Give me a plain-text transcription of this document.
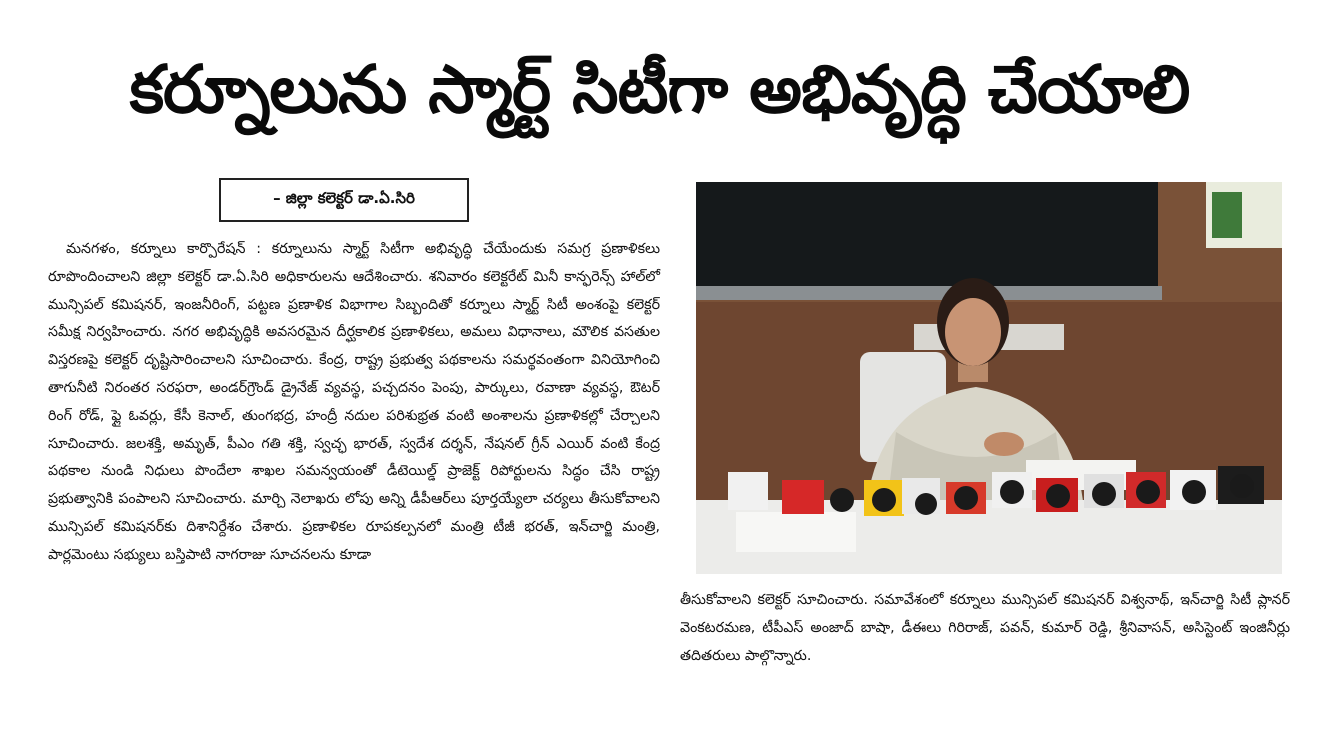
కర్నూలును స్మార్ట్ సిటీగా అభివృద్ధి చేయాలి
– జిల్లా కలెక్టర్ డా.ఏ.సిరి
మనగళం, కర్నూలు కార్పొరేషన్ : కర్నూలును స్మార్ట్ సిటీగా అభివృద్ధి చేయేందుకు సమగ్ర ప్రణాళికలు రూపొందించాలని జిల్లా కలెక్టర్ డా.ఏ.సిరి అధికారులను ఆదేశించారు. శనివారం కలెక్టరేట్ మినీ కాన్ఫరెన్స్ హాల్‌లో మున్సిపల్ కమిషనర్, ఇంజనీరింగ్, పట్టణ ప్రణాళిక విభాగాల సిబ్బందితో కర్నూలు స్మార్ట్ సిటీ అంశంపై కలెక్టర్ సమీక్ష నిర్వహించారు. నగర అభివృద్ధికి అవసరమైన దీర్ఘకాలిక ప్రణాళికలు, అమలు విధానాలు, మౌలిక వసతుల విస్తరణపై కలెక్టర్ దృష్టిసారించాలని సూచించారు. కేంద్ర, రాష్ట్ర ప్రభుత్వ పథకాలను సమర్థవంతంగా వినియోగించి తాగునీటి నిరంతర సరఫరా, అండర్‌గ్రౌండ్ డ్రైనేజ్ వ్యవస్థ, పచ్చదనం పెంపు, పార్కులు, రవాణా వ్యవస్థ, ఔటర్ రింగ్ రోడ్, ఫ్లై ఓవర్లు, కేసీ కెనాల్, తుంగభద్ర, హంద్రీ నదుల పరిశుభ్రత వంటి అంశాలను ప్రణాళికల్లో చేర్చాలని సూచించారు. జలశక్తి, అమృత్, పీఎం గతి శక్తి, స్వచ్ఛ భారత్, స్వదేశ దర్శన్, నేషనల్ గ్రీన్ ఎయిర్ వంటి కేంద్ర పథకాల నుండి నిధులు పొందేలా శాఖల సమన్వయంతో డీటెయిల్డ్ ప్రాజెక్ట్ రిపోర్టులను సిద్ధం చేసి రాష్ట్ర ప్రభుత్వానికి పంపాలని సూచించారు. మార్చి నెలాఖరు లోపు అన్ని డీపీఆర్‌లు పూర్తయ్యేలా చర్యలు తీసుకోవాలని మున్సిపల్ కమిషనర్‌కు దిశానిర్దేశం చేశారు. ప్రణాళికల రూపకల్పనలో మంత్రి టీజీ భరత్, ఇన్‌చార్జి మంత్రి, పార్లమెంటు సభ్యులు బస్తిపాటి నాగరాజు సూచనలను కూడా
తీసుకోవాలని కలెక్టర్ సూచించారు. సమావేశంలో కర్నూలు మున్సిపల్ కమిషనర్ విశ్వనాథ్, ఇన్‌చార్జి సిటీ ప్లానర్ వెంకటరమణ, టీపీఎస్ అంజాద్ బాషా, డీఈలు గిరిరాజ్, పవన్, కుమార్ రెడ్డి, శ్రీనివాసన్, అసిస్టెంట్ ఇంజినీర్లు తదితరులు పాల్గొన్నారు.
